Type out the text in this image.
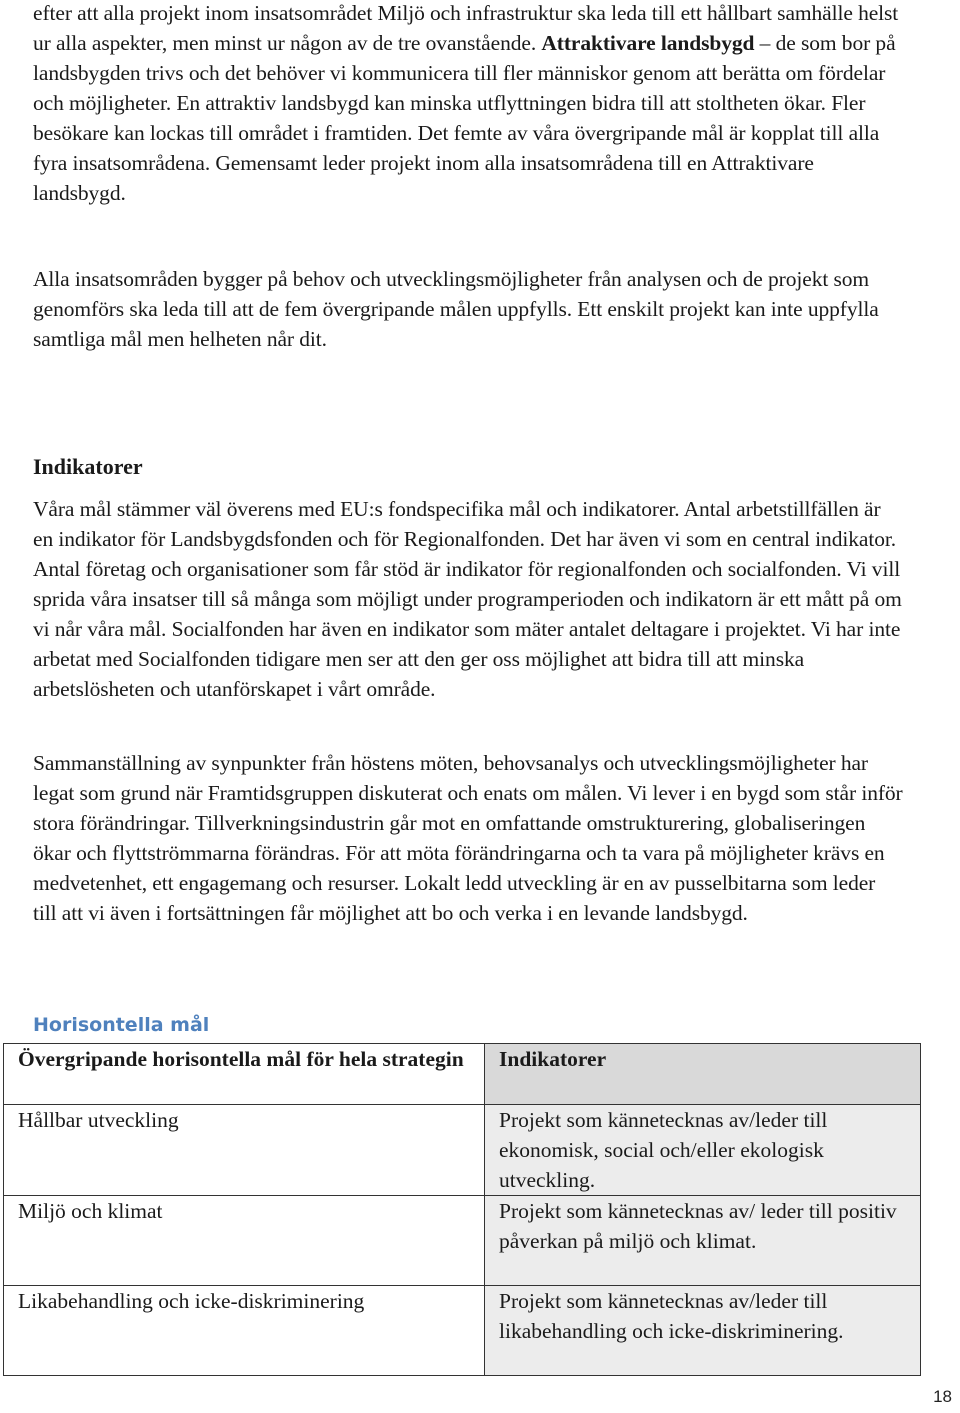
efter att alla projekt inom insatsområdet Miljö och infrastruktur ska leda till ett hållbart samhälle helst ur alla aspekter, men minst ur någon av de tre ovanstående. Attraktivare landsbygd – de som bor på landsbygden trivs och det behöver vi kommunicera till fler människor genom att berätta om fördelar och möjligheter. En attraktiv landsbygd kan minska utflyttningen bidra till att stoltheten ökar. Fler besökare kan lockas till området i framtiden. Det femte av våra övergripande mål är kopplat till alla fyra insatsområdena. Gemensamt leder projekt inom alla insatsområdena till en Attraktivare landsbygd.

Alla insatsområden bygger på behov och utvecklingsmöjligheter från analysen och de projekt som genomförs ska leda till att de fem övergripande målen uppfylls. Ett enskilt projekt kan inte uppfylla samtliga mål men helheten når dit.

Indikatorer

Våra mål stämmer väl överens med EU:s fondspecifika mål och indikatorer. Antal arbetstillfällen är en indikator för Landsbygdsfonden och för Regionalfonden. Det har även vi som en central indikator. Antal företag och organisationer som får stöd är indikator för regionalfonden och socialfonden. Vi vill sprida våra insatser till så många som möjligt under programperioden och indikatorn är ett mått på om vi når våra mål. Socialfonden har även en indikator som mäter antalet deltagare i projektet. Vi har inte arbetat med Socialfonden tidigare men ser att den ger oss möjlighet att bidra till att minska arbetslösheten och utanförskapet i vårt område.

Sammanställning av synpunkter från höstens möten, behovsanalys och utvecklingsmöjligheter har legat som grund när Framtidsgruppen diskuterat och enats om målen. Vi lever i en bygd som står inför stora förändringar. Tillverkningsindustrin går mot en omfattande omstrukturering, globaliseringen ökar och flyttströmmarna förändras. För att möta förändringarna och ta vara på möjligheter krävs en medvetenhet, ett engagemang och resurser. Lokalt ledd utveckling är en av pusselbitarna som leder till att vi även i fortsättningen får möjlighet att bo och verka i en levande landsbygd.

Horisontella mål
Övergripande horisontella mål för hela strategin	Indikatorer
Hållbar utveckling	Projekt som kännetecknas av/leder till ekonomisk, social och/eller ekologisk utveckling.
Miljö och klimat	Projekt som kännetecknas av/ leder till positiv påverkan på miljö och klimat.
Likabehandling och icke-diskriminering	Projekt som kännetecknas av/leder till likabehandling och icke-diskriminering.
18
